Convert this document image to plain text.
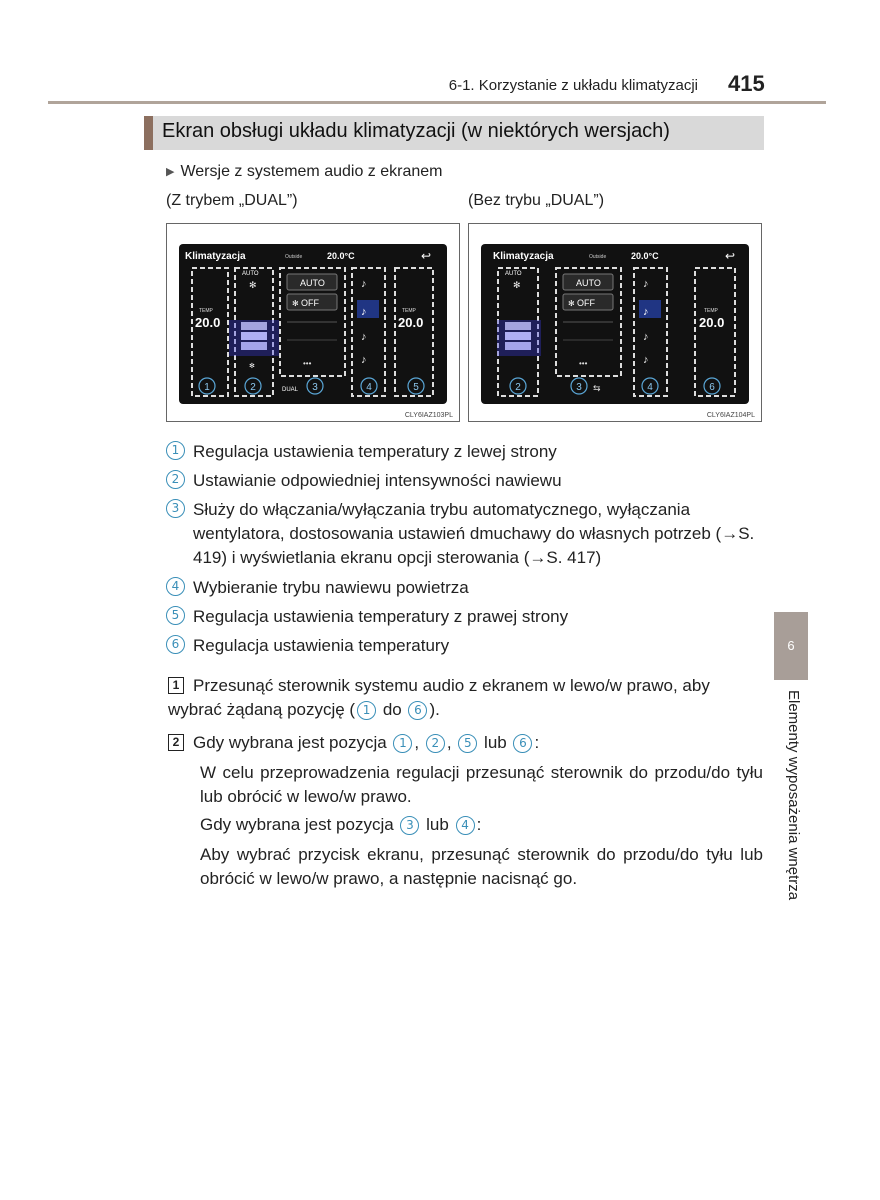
6-1. Korzystanie z układu klimatyzacji 415
Ekran obsługi układu klimatyzacji (w niektórych wersjach)
▶ Wersje z systemem audio z ekranem
(Z trybem „DUAL”)	(Bez trybu „DUAL”)
Klimatyzacja	Outside	20.0°C	↩
TEMP
20.0
AUTO
✻
✻
AUTO
✻ OFF
•••
DUAL
♪
♪
♪
♪
TEMP
20.0
1	2	3	4	5
CLY6IAZ103PL
Klimatyzacja	Outside	20.0°C	↩
AUTO
✻	AUTO
✻ OFF
•••
⇆
♪
♪
♪
♪
TEMP
20.0
2	3	4	6
CLY6IAZ104PL
1 Regulacja ustawienia temperatury z lewej strony
2 Ustawianie odpowiedniej intensywności nawiewu
3 Służy do włączania/wyłączania trybu automatycznego, wyłączania wentylatora, dostosowania ustawień dmuchawy do własnych potrzeb (→S. 419) i wyświetlania ekranu opcji sterowania (→S. 417)
4 Wybieranie trybu nawiewu powietrza
5 Regulacja ustawienia temperatury z prawej strony
6 Regulacja ustawienia temperatury
1 Przesunąć sterownik systemu audio z ekranem w lewo/w prawo, aby wybrać żądaną pozycję ( 1 do 6 ).
2 Gdy wybrana jest pozycja 1 , 2 , 5 lub 6 :
W celu przeprowadzenia regulacji przesunąć sterownik do przodu/do tyłu lub obrócić w lewo/w prawo.
Gdy wybrana jest pozycja 3 lub 4 :
Aby wybrać przycisk ekranu, przesunąć sterownik do przodu/do tyłu lub obrócić w lewo/w prawo, a następnie nacisnąć go.
6
Elementy wyposażenia wnętrza
